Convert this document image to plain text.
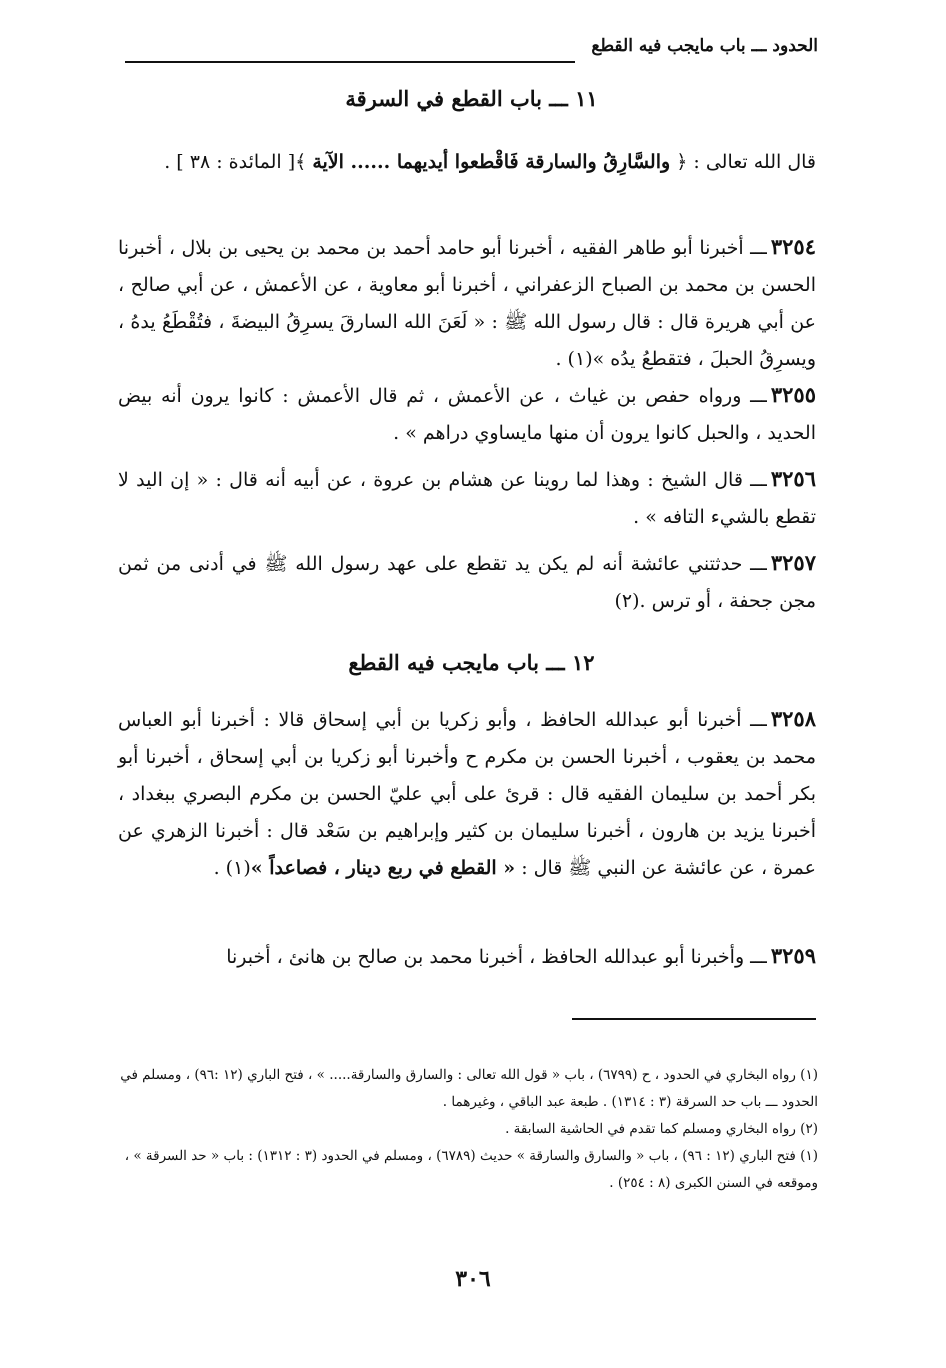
الحدود ـــ باب مايجب فيه القطع
١١ ـــ باب القطع في السرقة
قال الله تعالى : ﴿ والسَّارِقُ والسارقة فَاقْطعوا أيديهما ...... الآية ﴾[ المائدة : ٣٨ ] .
٣٢٥٤ـــ أخبرنا أبو طاهر الفقيه ، أخبرنا أبو حامد أحمد بن محمد بن يحيى بن بلال ، أخبرنا الحسن بن محمد بن الصباح الزعفراني ، أخبرنا أبو معاوية ، عن الأعمش ، عن أبي صالح ، عن أبي هريرة قال : قال رسول الله ﷺ : « لَعَنَ الله السارقَ يسرِقُ البيضةَ ، فتُقْطَعُ يدهُ ، ويسرِقُ الحبلَ ، فتقطعُ يدُه »(١) .
٣٢٥٥ـــ ورواه حفص بن غياث ، عن الأعمش ، ثم قال الأعمش : كانوا يرون أنه بيض الحديد ، والحبل كانوا يرون أن منها مايساوي دراهم » .
٣٢٥٦ـــ قال الشيخ : وهذا لما روينا عن هشام بن عروة ، عن أبيه أنه قال : « إن اليد لا تقطع بالشيء التافه » .
٣٢٥٧ـــ حدثتني عائشة أنه لم يكن يد تقطع على عهد رسول الله ﷺ في أدنى من ثمن مجن جحفة ، أو ترس .(٢)
١٢ ـــ باب مايجب فيه القطع
٣٢٥٨ـــ أخبرنا أبو عبدالله الحافظ ، وأبو زكريا بن أبي إسحاق قالا : أخبرنا أبو العباس محمد بن يعقوب ، أخبرنا الحسن بن مكرم ح وأخبرنا أبو زكريا بن أبي إسحاق ، أخبرنا أبو بكر أحمد بن سليمان الفقيه قال : قرئ على أبي عليّ الحسن بن مكرم البصري ببغداد ، أخبرنا يزيد بن هارون ، أخبرنا سليمان بن كثير وإبراهيم بن سَعْد قال : أخبرنا الزهري عن عمرة ، عن عائشة عن النبي ﷺ قال : « القطع في ربع دينار ، فصاعداً »(١) .
٣٢٥٩ـــ وأخبرنا أبو عبدالله الحافظ ، أخبرنا محمد بن صالح بن هانئ ، أخبرنا

(١) رواه البخاري في الحدود ، ح (٦٧٩٩) ، باب « قول الله تعالى : والسارق والسارقة..... » ، فتح الباري (١٢ :٩٦) ، ومسلم في الحدود ـــ باب حد السرقة (٣ : ١٣١٤) . طبعة عبد الباقي ، وغيرهما .

(٢) رواه البخاري ومسلم كما تقدم في الحاشية السابقة .

(١) فتح الباري (١٢ : ٩٦) ، باب « والسارق والسارقة » حديث (٦٧٨٩) ، ومسلم في الحدود (٣ : ١٣١٢) : باب « حد السرقة » ، وموقعه في السنن الكبرى (٨ : ٢٥٤) .

٣٠٦
